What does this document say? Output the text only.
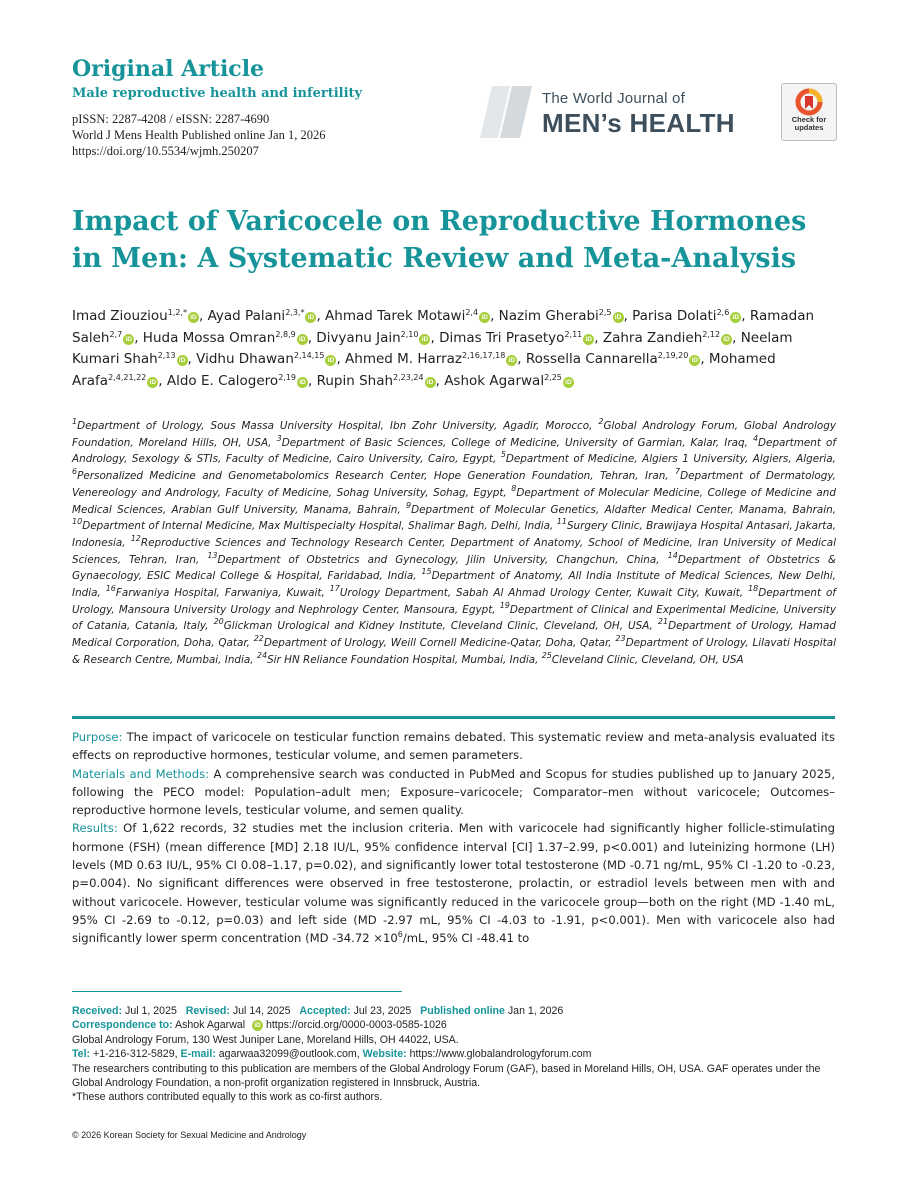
Original Article
Male reproductive health and infertility
pISSN: 2287-4208 / eISSN: 2287-4690
World J Mens Health Published online Jan 1, 2026
https://doi.org/10.5534/wjmh.250207
The World Journal of
MEN’s HEALTH	Check for updates
Impact of Varicocele on Reproductive Hormones in Men: A Systematic Review and Meta-Analysis
Imad Ziouziou$^{1,2,*}$iD , Ayad Palani$^{2,3,*}$iD , Ahmad Tarek Motawi$^{2,4}$iD , Nazim Gherabi$^{2,5}$iD , Parisa Dolati$^{2,6}$iD , Ramadan Saleh$^{2,7}$iD , Huda Mossa Omran$^{2,8,9}$iD , Divyanu Jain$^{2,10}$iD , Dimas Tri Prasetyo$^{2,11}$iD , Zahra Zandieh$^{2,12}$iD , Neelam Kumari Shah$^{2,13}$iD , Vidhu Dhawan$^{2,14,15}$iD , Ahmed M. Harraz$^{2,16,17,18}$iD , Rossella Cannarella$^{2,19,20}$iD , Mohamed Arafa$^{2,4,21,22}$iD , Aldo E. Calogero$^{2,19}$iD , Rupin Shah$^{2,23,24}$iD , Ashok Agarwal$^{2,25}$iD
$^1$Department of Urology, Sous Massa University Hospital, Ibn Zohr University, Agadir, Morocco, $^2$Global Andrology Forum, Global Andrology Foundation, Moreland Hills, OH, USA, $^3$Department of Basic Sciences, College of Medicine, University of Garmian, Kalar, Iraq, $^4$Department of Andrology, Sexology & STIs, Faculty of Medicine, Cairo University, Cairo, Egypt, $^5$Department of Medicine, Algiers 1 University, Algiers, Algeria, $^6$Personalized Medicine and Genometabolomics Research Center, Hope Generation Foundation, Tehran, Iran, $^7$Department of Dermatology, Venereology and Andrology, Faculty of Medicine, Sohag University, Sohag, Egypt, $^8$Department of Molecular Medicine, College of Medicine and Medical Sciences, Arabian Gulf University, Manama, Bahrain, $^9$Department of Molecular Genetics, Aldafter Medical Center, Manama, Bahrain, $^{10}$Department of Internal Medicine, Max Multispecialty Hospital, Shalimar Bagh, Delhi, India, $^{11}$Surgery Clinic, Brawijaya Hospital Antasari, Jakarta, Indonesia, $^{12}$Reproductive Sciences and Technology Research Center, Department of Anatomy, School of Medicine, Iran University of Medical Sciences, Tehran, Iran, $^{13}$Department of Obstetrics and Gynecology, Jilin University, Changchun, China, $^{14}$Department of Obstetrics & Gynaecology, ESIC Medical College & Hospital, Faridabad, India, $^{15}$Department of Anatomy, All India Institute of Medical Sciences, New Delhi, India, $^{16}$Farwaniya Hospital, Farwaniya, Kuwait, $^{17}$Urology Department, Sabah Al Ahmad Urology Center, Kuwait City, Kuwait, $^{18}$Department of Urology, Mansoura University Urology and Nephrology Center, Mansoura, Egypt, $^{19}$Department of Clinical and Experimental Medicine, University of Catania, Catania, Italy, $^{20}$Glickman Urological and Kidney Institute, Cleveland Clinic, Cleveland, OH, USA, $^{21}$Department of Urology, Hamad Medical Corporation, Doha, Qatar, $^{22}$Department of Urology, Weill Cornell Medicine-Qatar, Doha, Qatar, $^{23}$Department of Urology, Lilavati Hospital & Research Centre, Mumbai, India, $^{24}$Sir HN Reliance Foundation Hospital, Mumbai, India, $^{25}$Cleveland Clinic, Cleveland, OH, USA

Purpose: The impact of varicocele on testicular function remains debated. This systematic review and meta-analysis evaluated its effects on reproductive hormones, testicular volume, and semen parameters.

Materials and Methods: A comprehensive search was conducted in PubMed and Scopus for studies published up to January 2025, following the PECO model: Population–adult men; Exposure–varicocele; Comparator–men without varicocele; Outcomes–reproductive hormone levels, testicular volume, and semen quality.

Results: Of 1,622 records, 32 studies met the inclusion criteria. Men with varicocele had significantly higher follicle-stimulating hormone (FSH) (mean difference [MD] 2.18 IU/L, 95% confidence interval [CI] 1.37–2.99, p<0.001) and luteinizing hormone (LH) levels (MD 0.63 IU/L, 95% CI 0.08–1.17, p=0.02), and significantly lower total testosterone (MD -0.71 ng/mL, 95% CI -1.20 to -0.23, p=0.004). No significant differences were observed in free testosterone, prolactin, or estradiol levels between men with and without varicocele. However, testicular volume was significantly reduced in the varicocele group—both on the right (MD -1.40 mL, 95% CI -2.69 to -0.12, p=0.03) and left side (MD -2.97 mL, 95% CI -4.03 to -1.91, p<0.001). Men with varicocele also had significantly lower sperm concentration (MD $-34.72 \times 10^6/mL$, 95% CI -48.41 to

Received: Jul 1, 2025 Revised: Jul 14, 2025 Accepted: Jul 23, 2025 Published online Jan 1, 2026

Correspondence to: Ashok Agarwal iD https://orcid.org/0000-0003-0585-1026

Global Andrology Forum, 130 West Juniper Lane, Moreland Hills, OH 44022, USA.

Tel: +1-216-312-5829, E-mail: agarwaa32099@outlook.com, Website: https://www.globalandrologyforum.com

The researchers contributing to this publication are members of the Global Andrology Forum (GAF), based in Moreland Hills, OH, USA. GAF operates under the Global Andrology Foundation, a non-profit organization registered in Innsbruck, Austria.

*These authors contributed equally to this work as co-first authors.

© 2026 Korean Society for Sexual Medicine and Andrology
